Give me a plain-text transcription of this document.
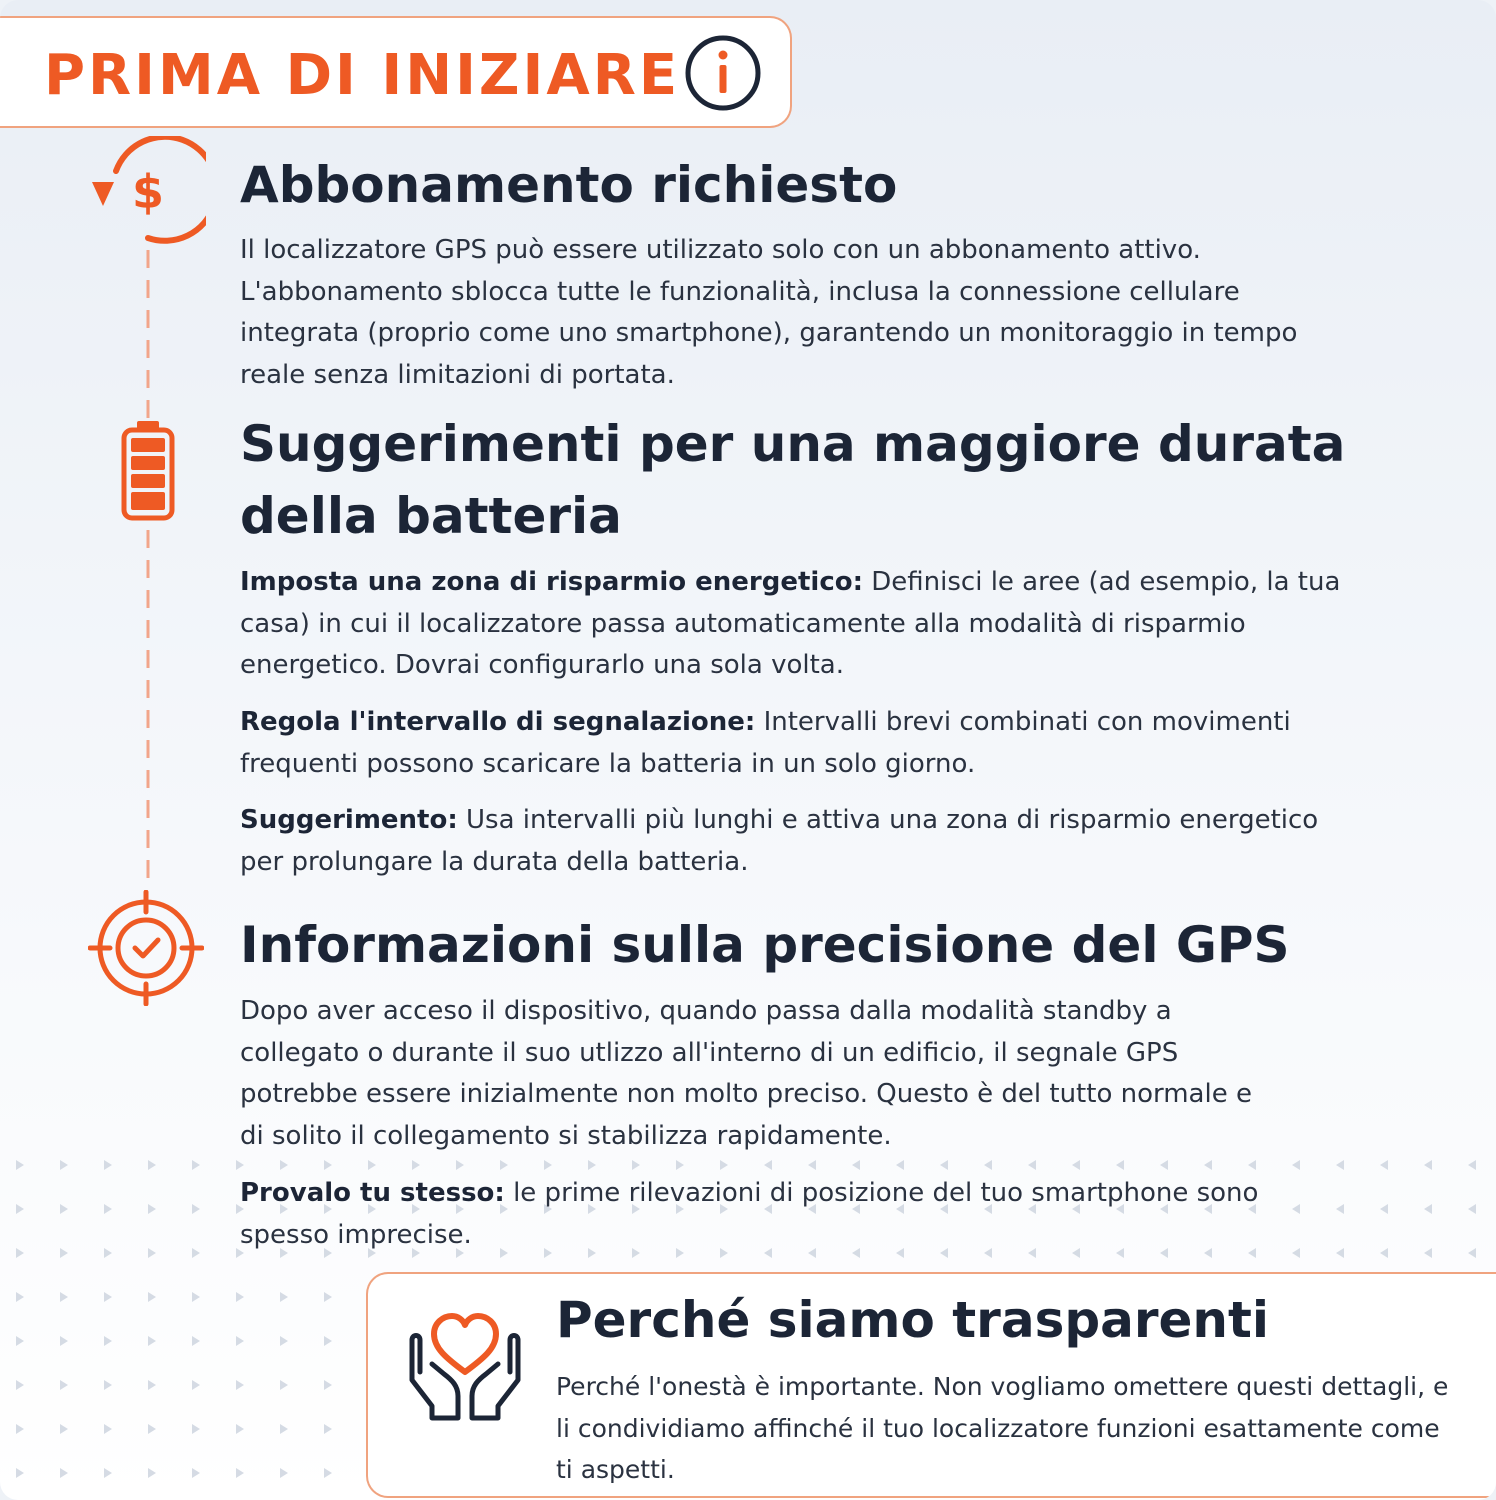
PRIMA DI INIZIARE
$ Abbonamento richiesto
Il localizzatore GPS può essere utilizzato solo con un abbonamento attivo.
L'abbonamento sblocca tutte le funzionalità, inclusa la connessione cellulare
integrata (proprio come uno smartphone), garantendo un monitoraggio in tempo
reale senza limitazioni di portata.
Suggerimenti per una maggiore durata
della batteria
Imposta una zona di risparmio energetico: Definisci le aree (ad esempio, la tua
casa) in cui il localizzatore passa automaticamente alla modalità di risparmio
energetico. Dovrai configurarlo una sola volta.
Regola l'intervallo di segnalazione: Intervalli brevi combinati con movimenti
frequenti possono scaricare la batteria in un solo giorno.
Suggerimento: Usa intervalli più lunghi e attiva una zona di risparmio energetico
per prolungare la durata della batteria.
Informazioni sulla precisione del GPS
Dopo aver acceso il dispositivo, quando passa dalla modalità standby a
collegato o durante il suo utlizzo all'interno di un edificio, il segnale GPS
potrebbe essere inizialmente non molto preciso. Questo è del tutto normale e
di solito il collegamento si stabilizza rapidamente.
Provalo tu stesso: le prime rilevazioni di posizione del tuo smartphone sono
spesso imprecise.
Perché siamo trasparenti
Perché l'onestà è importante. Non vogliamo omettere questi dettagli, e
li condividiamo affinché il tuo localizzatore funzioni esattamente come
ti aspetti.
